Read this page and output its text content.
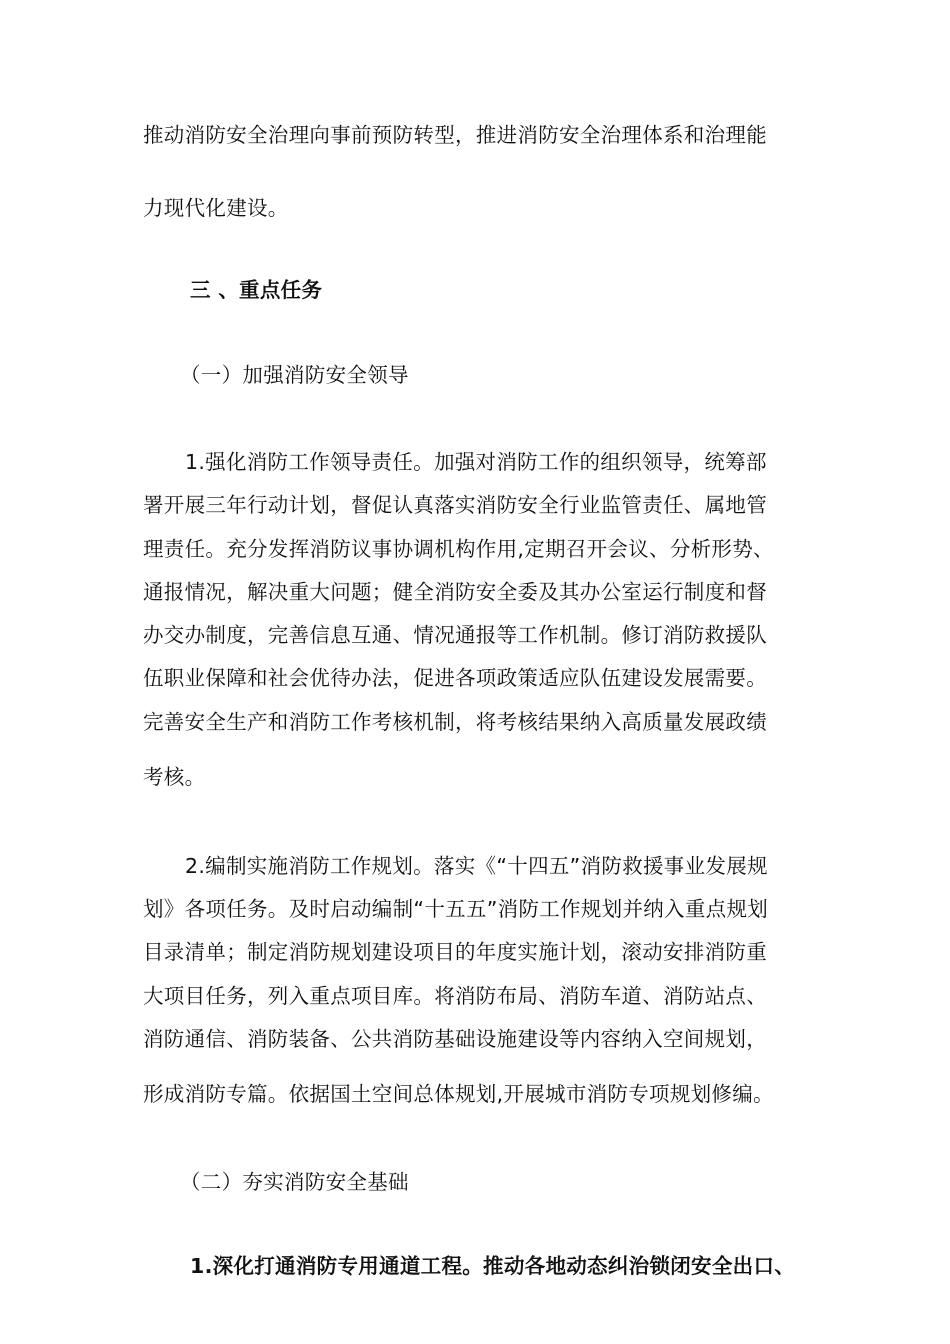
推动消防安全治理向事前预防转型，推进消防安全治理体系和治理能

力现代化建设。

三 、重点任务

（一）加强消防安全领导

1.强化消防工作领导责任。加强对消防工作的组织领导，统筹部

署开展三年行动计划，督促认真落实消防安全行业监管责任、属地管

理责任。充分发挥消防议事协调机构作用,定期召开会议、分析形势、

通报情况，解决重大问题；健全消防安全委及其办公室运行制度和督

办交办制度，完善信息互通、情况通报等工作机制。修订消防救援队

伍职业保障和社会优待办法，促进各项政策适应队伍建设发展需要。

完善安全生产和消防工作考核机制，将考核结果纳入高质量发展政绩

考核。

2.编制实施消防工作规划。落实《“十四五”消防救援事业发展规

划》各项任务。及时启动编制“十五五”消防工作规划并纳入重点规划

目录清单；制定消防规划建设项目的年度实施计划，滚动安排消防重

大项目任务，列入重点项目库。将消防布局、消防车道、消防站点、

消防通信、消防装备、公共消防基础设施建设等内容纳入空间规划，

形成消防专篇。依据国土空间总体规划,开展城市消防专项规划修编。

（二）夯实消防安全基础

1.深化打通消防专用通道工程。推动各地动态纠治锁闭安全出口、
